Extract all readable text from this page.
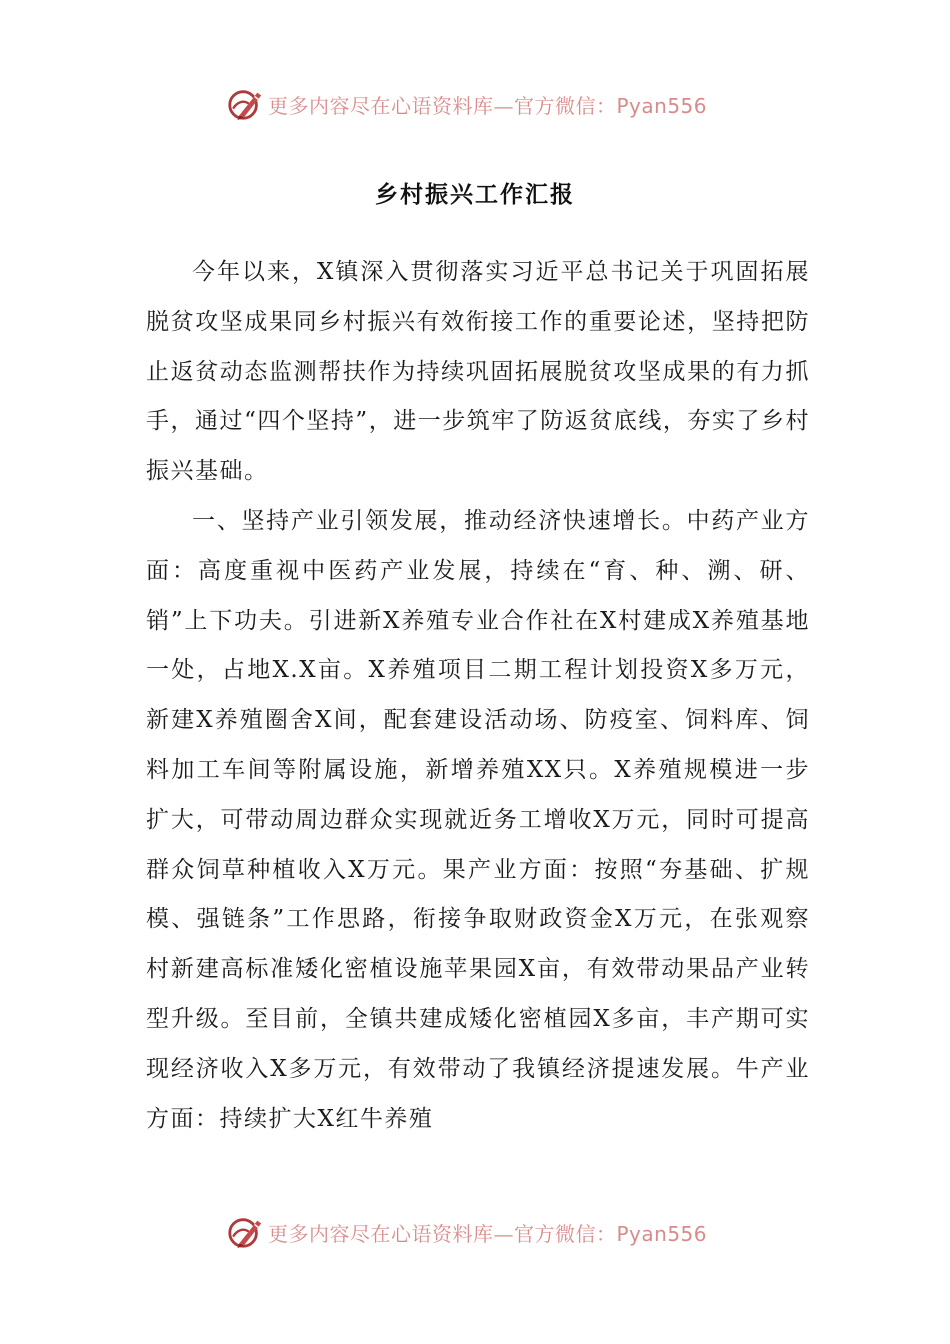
更多内容尽在心语资料库—官方微信：Pyan556
乡村振兴工作汇报

今年以来，X镇深入贯彻落实习近平总书记关于巩固拓展脱贫攻坚成果同乡村振兴有效衔接工作的重要论述，坚持把防止返贫动态监测帮扶作为持续巩固拓展脱贫攻坚成果的有力抓手，通过“四个坚持”，进一步筑牢了防返贫底线，夯实了乡村振兴基础。

一、坚持产业引领发展，推动经济快速增长。中药产业方面：高度重视中医药产业发展，持续在“育、种、溯、研、销”上下功夫。引进新X养殖专业合作社在X村建成X养殖基地一处，占地X.X亩。X养殖项目二期工程计划投资X多万元，新建X养殖圈舍X间，配套建设活动场、防疫室、饲料库、饲料加工车间等附属设施，新增养殖XX只。X养殖规模进一步扩大，可带动周边群众实现就近务工增收X万元，同时可提高群众饲草种植收入X万元。果产业方面：按照“夯基础、扩规模、强链条”工作思路，衔接争取财政资金X万元，在张观察村新建高标准矮化密植设施苹果园X亩，有效带动果品产业转型升级。至目前，全镇共建成矮化密植园X多亩，丰产期可实现经济收入X多万元，有效带动了我镇经济提速发展。牛产业方面：持续扩大X红牛养殖

更多内容尽在心语资料库—官方微信：Pyan556
